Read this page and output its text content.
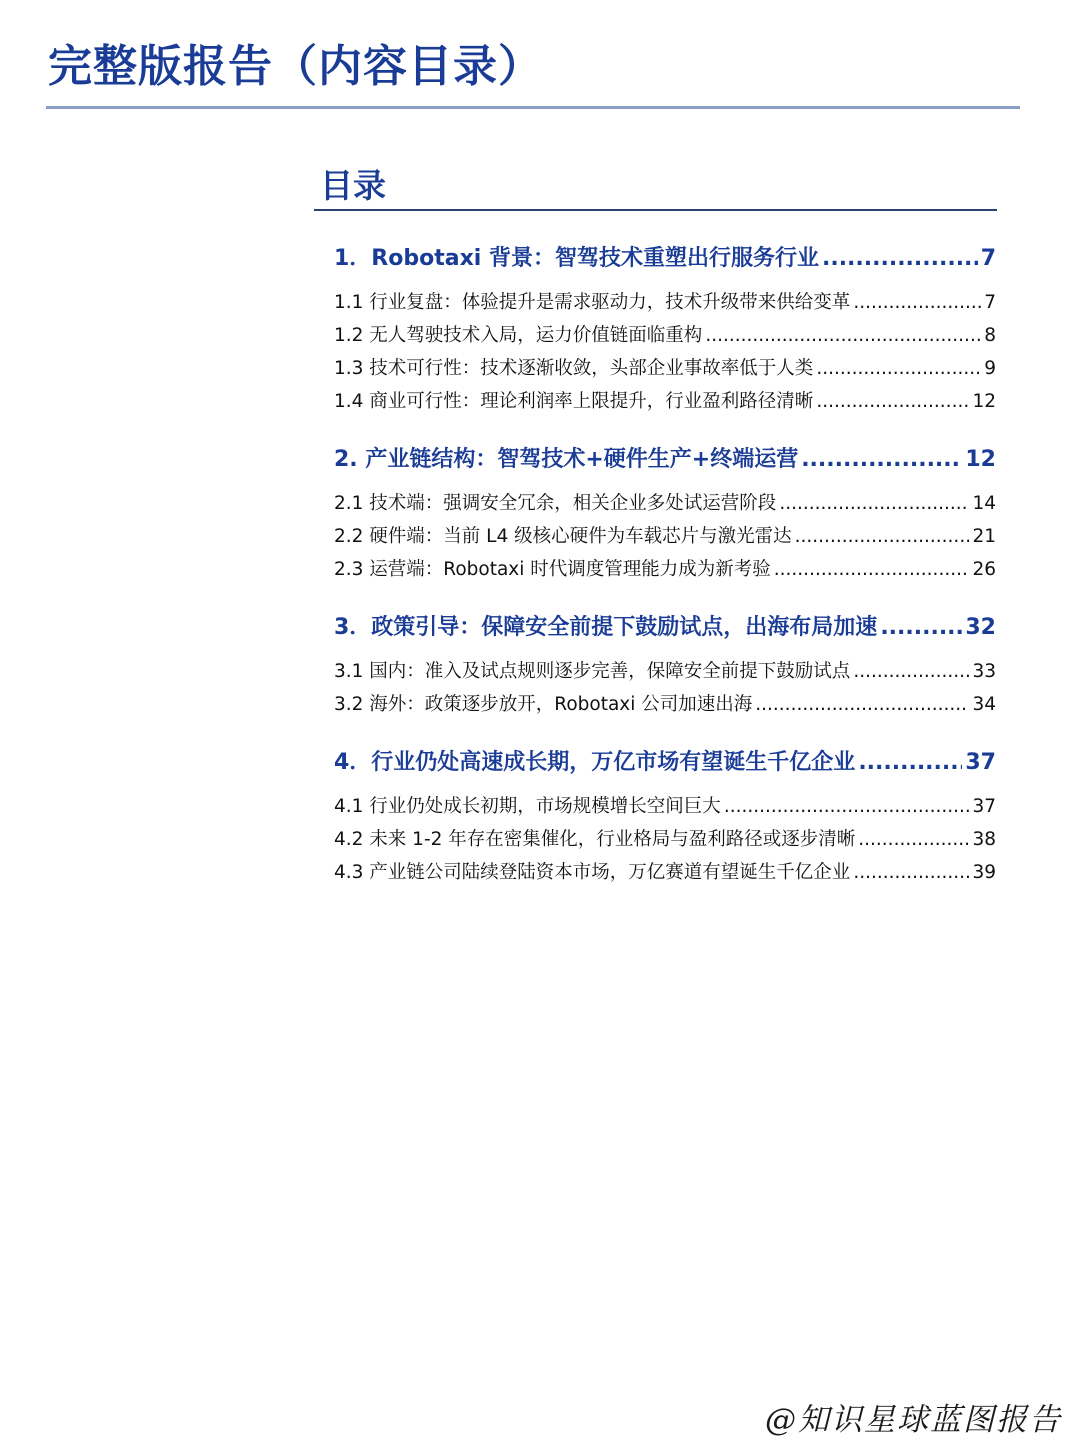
完整版报告（内容目录）
目录
1．Robotaxi 背景：智驾技术重塑出行服务行业 .....	7
1.1 行业复盘：体验提升是需求驱动力，技术升级带来供给变革 .....	7
1.2 无人驾驶技术入局，运力价值链面临重构 .....	8
1.3 技术可行性：技术逐渐收敛，头部企业事故率低于人类 .....	9
1.4 商业可行性：理论利润率上限提升，行业盈利路径清晰 .....	12
2. 产业链结构：智驾技术+硬件生产+终端运营 .....	12
2.1 技术端：强调安全冗余，相关企业多处试运营阶段 .....	14
2.2 硬件端：当前 L4 级核心硬件为车载芯片与激光雷达 .....	21
2.3 运营端：Robotaxi 时代调度管理能力成为新考验 .....	26
3．政策引导：保障安全前提下鼓励试点，出海布局加速 .....	32
3.1 国内：准入及试点规则逐步完善，保障安全前提下鼓励试点 .....	33
3.2 海外：政策逐步放开，Robotaxi 公司加速出海 .....	34
4．行业仍处高速成长期，万亿市场有望诞生千亿企业 .....	37
4.1 行业仍处成长初期，市场规模增长空间巨大 .....	37
4.2 未来 1-2 年存在密集催化，行业格局与盈利路径或逐步清晰 .....	38
4.3 产业链公司陆续登陆资本市场，万亿赛道有望诞生千亿企业 .....	39
@知识星球蓝图报告
